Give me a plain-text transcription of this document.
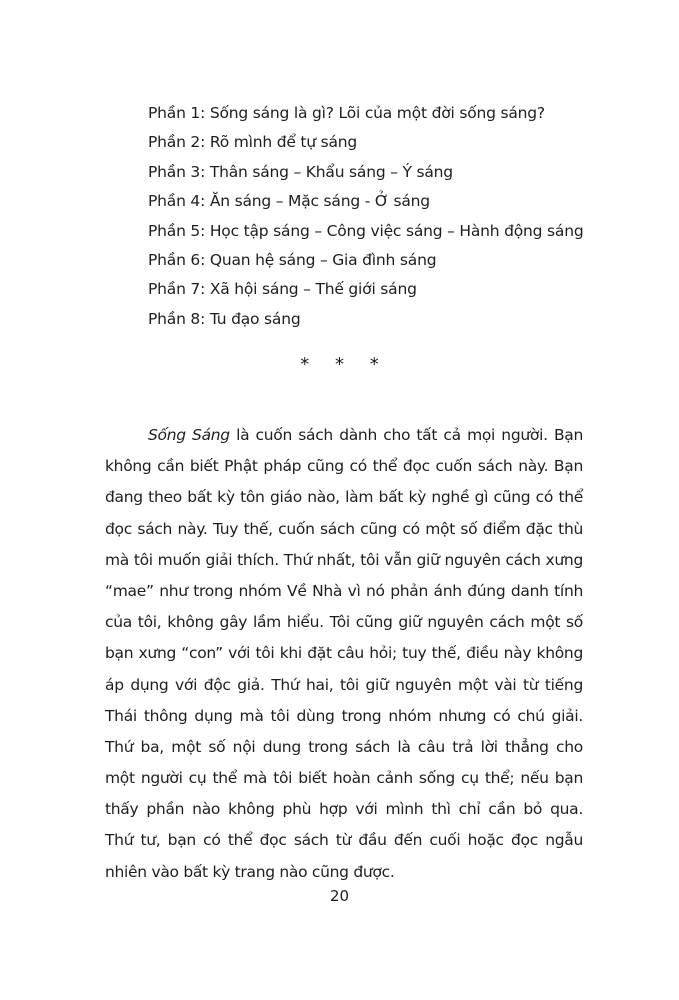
Phần 1: Sống sáng là gì? Lõi của một đời sống sáng?
Phần 2: Rõ mình để tự sáng
Phần 3: Thân sáng – Khẩu sáng – Ý sáng
Phần 4: Ăn sáng – Mặc sáng - Ở sáng
Phần 5: Học tập sáng – Công việc sáng – Hành động sáng
Phần 6: Quan hệ sáng – Gia đình sáng
Phần 7: Xã hội sáng – Thế giới sáng
Phần 8: Tu đạo sáng
* * *
Sống Sáng là cuốn sách dành cho tất cả mọi người. Bạn
không cần biết Phật pháp cũng có thể đọc cuốn sách này. Bạn
đang theo bất kỳ tôn giáo nào, làm bất kỳ nghề gì cũng có thể
đọc sách này. Tuy thế, cuốn sách cũng có một số điểm đặc thù
mà tôi muốn giải thích. Thứ nhất, tôi vẫn giữ nguyên cách xưng
“mae” như trong nhóm Về Nhà vì nó phản ánh đúng danh tính
của tôi, không gây lầm hiểu. Tôi cũng giữ nguyên cách một số
bạn xưng “con” với tôi khi đặt câu hỏi; tuy thế, điều này không
áp dụng với độc giả. Thứ hai, tôi giữ nguyên một vài từ tiếng
Thái thông dụng mà tôi dùng trong nhóm nhưng có chú giải.
Thứ ba, một số nội dung trong sách là câu trả lời thẳng cho
một người cụ thể mà tôi biết hoàn cảnh sống cụ thể; nếu bạn
thấy phần nào không phù hợp với mình thì chỉ cần bỏ qua.
Thứ tư, bạn có thể đọc sách từ đầu đến cuối hoặc đọc ngẫu
nhiên vào bất kỳ trang nào cũng được.
20
